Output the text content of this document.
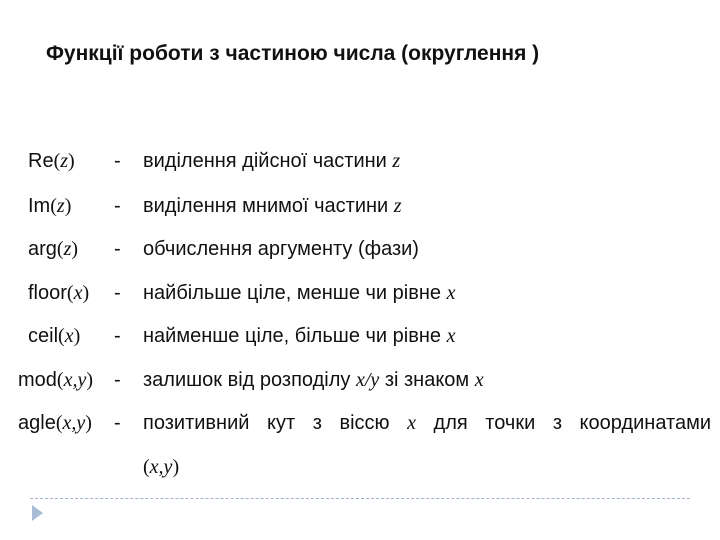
Функції роботи з частиною числа (округлення )
Re(z) - виділення дійсної частини z
Im(z) - виділення мнимої частини z
arg(z) - обчислення аргументу (фази)
floor(x) - найбільше ціле, менше чи рівне x
ceil(x) - найменше ціле, більше чи рівне x
mod(x,y) - залишок від розподілу x/y зі знаком x
agle(x,y) - позитивний кут з віссю x для точки з координатами
(x,y)
